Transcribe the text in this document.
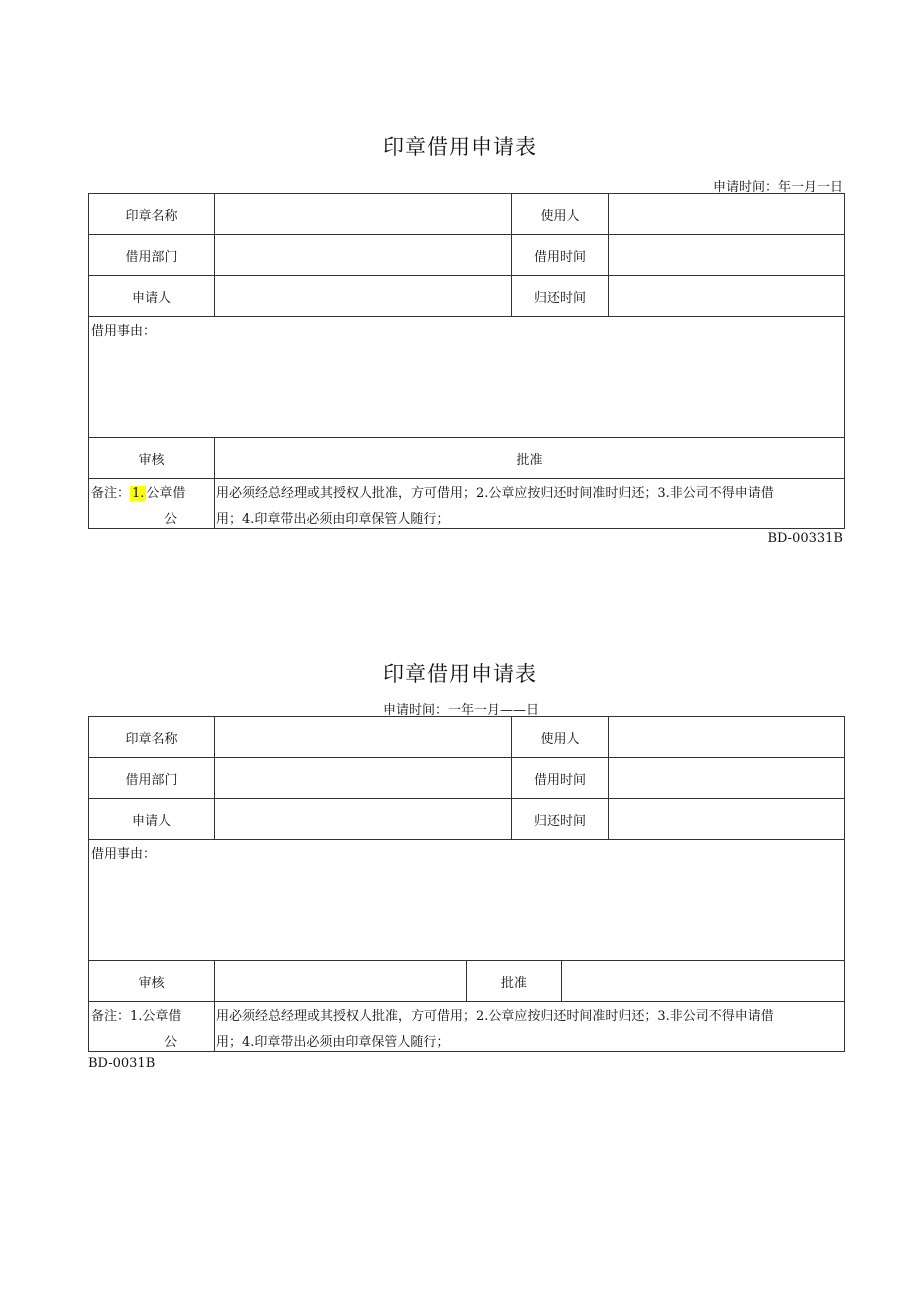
印章借用申请表
申请时间：年一月一日
印章名称		使用人	
借用部门		借用时间	
申请人		归还时间	
借用事由：			
审核	批准		

备注： 1. 公章借
公	用必须经总经理或其授权人批准，方可借用；2.公章应按归还时间准时归还；3.非公司不得申请借
用；4.印章带出必须由印章保管人随行；		
BD-00331B
印章借用申请表
申请时间：一年一月——日
印章名称			使用人		
借用部门			借用时间		
申请人			归还时间		
借用事由：					
审核		批准			

备注：1.公章借
公	用必须经总经理或其授权人批准，方可借用；2.公章应按归还时间准时归还；3.非公司不得申请借
用；4.印章带出必须由印章保管人随行；				
BD-0031B
